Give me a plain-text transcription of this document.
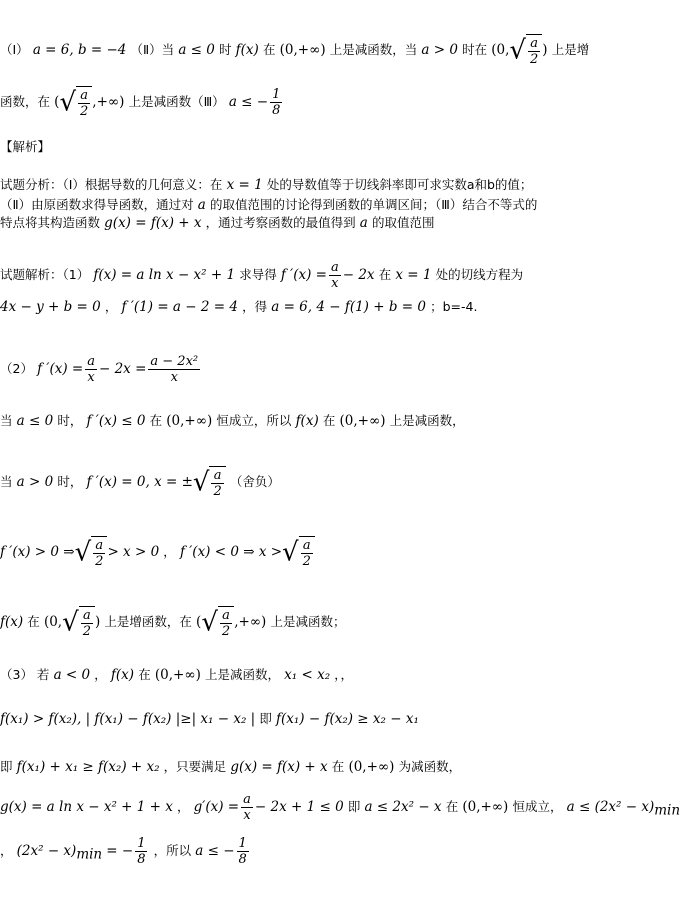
（Ⅰ） a = 6, b = −4 （Ⅱ）当 a ≤ 0 时 f(x) 在 (0,+∞) 上是减函数，当 a > 0 时在 ($0,√ \frac{a}{2}$ ) 上是增
函数，在 (√ $\frac{a}{2}$ ,+∞) 上是减函数（Ⅲ） a ≤ − $\frac{1}{8}$
【解析】
试题分析：（Ⅰ）根据导数的几何意义：在 x = 1 处的导数值等于切线斜率即可求实数a和b的值；
（Ⅱ）由原函数求得导函数，通过对 a 的取值范围的讨论得到函数的单调区间；（Ⅲ）结合不等式的
特点将其构造函数 g(x) = f(x) + x ，通过考察函数的最值得到 a 的取值范围
试题解析：（1） f(x) = a ln x − x² + 1 求导得 f $'(x) = \frac{a}{x} - 2x$ 在 x = 1 处的切线方程为
4x − y + b = 0 ， f ′(1) = a − 2 = 4 ，得 a = 6, 4 − f(1) + b = 0 ；b=-4.
（2） f $'(x) = \frac{a}{x} - 2x = \frac{\text{a − 2x²}}{x}$
当 a ≤ 0 时， f ′(x) ≤ 0 在 (0,+∞) 恒成立，所以 f(x) 在 (0,+∞) 上是减函数，
当 a > 0 时， f ′(x) = 0, x = ±√ $\frac{a}{2}$ （舍负）
f ′(x) > 0 ⇒√ $\frac{a}{2} > x > 0$ ， f ′(x) < 0 ⇒ x >√ $\frac{a}{2}$
f(x) 在 ($0,√ \frac{a}{2}$ ) 上是增函数，在 (√ $\frac{a}{2}$ ,+∞) 上是减函数；
（3） 若 a < 0 ， f(x) 在 (0,+∞) 上是减函数， x₁ < x₂ ，，
f(x₁) > f(x₂), | f(x₁) − f(x₂) |≥| x₁ − x₂ | 即 f(x₁) − f(x₂) ≥ x₂ − x₁
即 f(x₁) + x₁ ≥ f(x₂) + x₂ ，只要满足 g(x) = f(x) + x 在 (0,+∞) 为减函数，
g(x) = a ln x − x² + 1 + x ， $g'(x) = \frac{a}{x} - 2x + 1 \le 0$ 即 a ≤ 2x² − x 在 (0,+∞) 恒成立， $a \le (2x^2 - x)_{min}$
， $(2x^2 - x)_{min}$ = − $\frac{1}{8}$ ，所以 a ≤ − $\frac{1}{8}$
